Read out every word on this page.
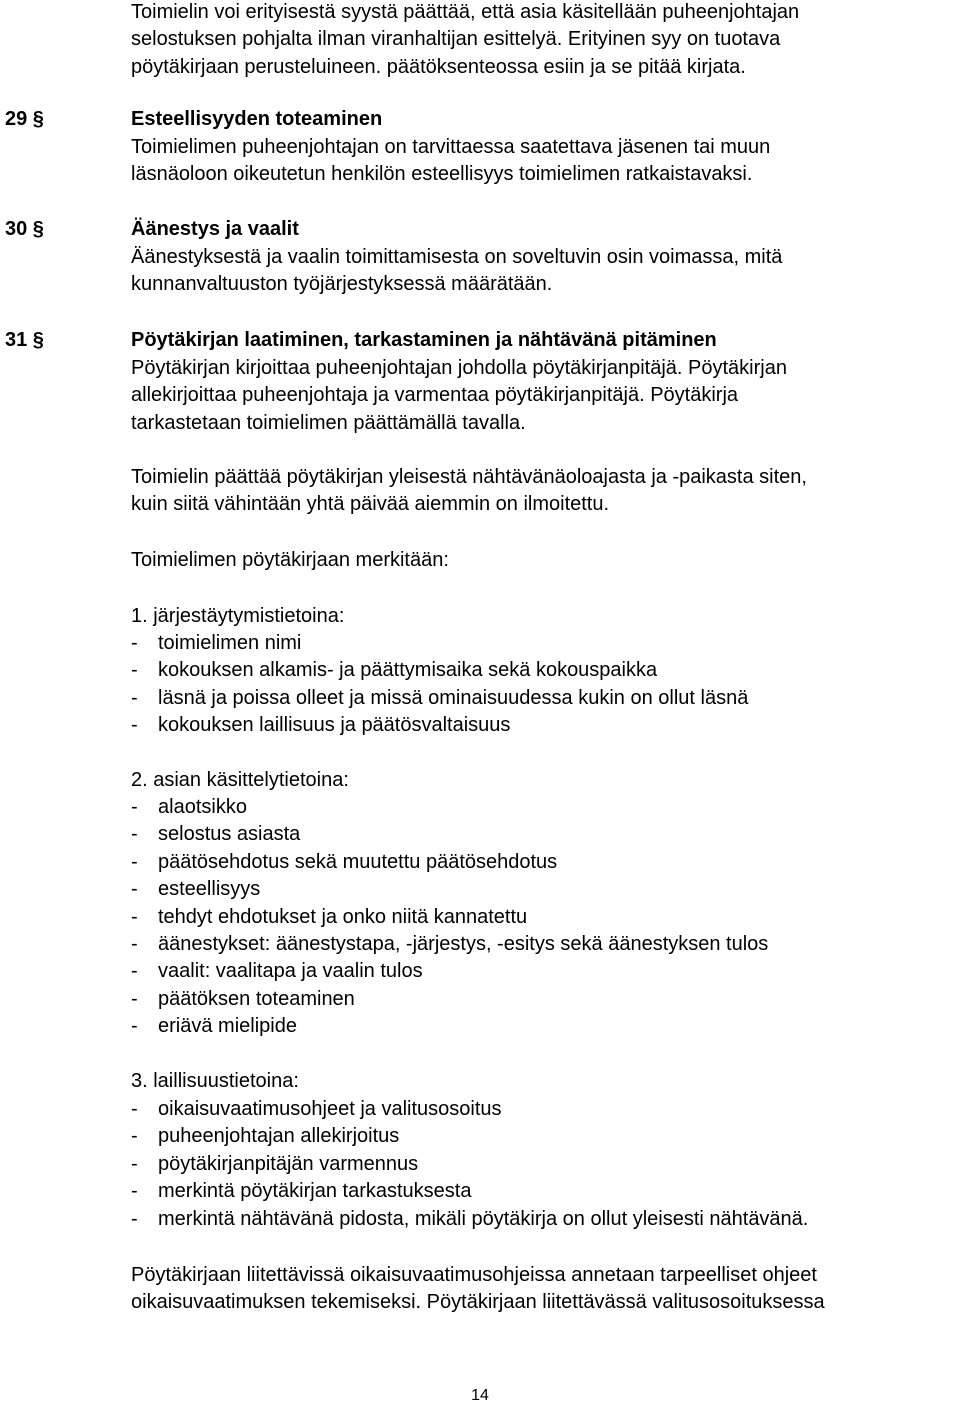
Toimielin voi erityisestä syystä päättää, että asia käsitellään puheenjohtajan
selostuksen pohjalta ilman viranhaltijan esittelyä. Erityinen syy on tuotava
pöytäkirjaan perusteluineen. päätöksenteossa esiin ja se pitää kirjata.
29 §	Esteellisyyden toteaminen
Toimielimen puheenjohtajan on tarvittaessa saatettava jäsenen tai muun
läsnäoloon oikeutetun henkilön esteellisyys toimielimen ratkaistavaksi.
30 §	Äänestys ja vaalit
Äänestyksestä ja vaalin toimittamisesta on soveltuvin osin voimassa, mitä
kunnanvaltuuston työjärjestyksessä määrätään.
31 §	Pöytäkirjan laatiminen, tarkastaminen ja nähtävänä pitäminen
Pöytäkirjan kirjoittaa puheenjohtajan johdolla pöytäkirjanpitäjä. Pöytäkirjan
allekirjoittaa puheenjohtaja ja varmentaa pöytäkirjanpitäjä. Pöytäkirja
tarkastetaan toimielimen päättämällä tavalla.
Toimielin päättää pöytäkirjan yleisestä nähtävänäoloajasta ja -paikasta siten,
kuin siitä vähintään yhtä päivää aiemmin on ilmoitettu.
Toimielimen pöytäkirjaan merkitään:
1. järjestäytymistietoina:
- toimielimen nimi
- kokouksen alkamis- ja päättymisaika sekä kokouspaikka
- läsnä ja poissa olleet ja missä ominaisuudessa kukin on ollut läsnä
- kokouksen laillisuus ja päätösvaltaisuus
2. asian käsittelytietoina:
- alaotsikko
- selostus asiasta
- päätösehdotus sekä muutettu päätösehdotus
- esteellisyys
- tehdyt ehdotukset ja onko niitä kannatettu
- äänestykset: äänestystapa, -järjestys, -esitys sekä äänestyksen tulos
- vaalit: vaalitapa ja vaalin tulos
- päätöksen toteaminen
- eriävä mielipide
3. laillisuustietoina:
- oikaisuvaatimusohjeet ja valitusosoitus
- puheenjohtajan allekirjoitus
- pöytäkirjanpitäjän varmennus
- merkintä pöytäkirjan tarkastuksesta
- merkintä nähtävänä pidosta, mikäli pöytäkirja on ollut yleisesti nähtävänä.
Pöytäkirjaan liitettävissä oikaisuvaatimusohjeissa annetaan tarpeelliset ohjeet
oikaisuvaatimuksen tekemiseksi. Pöytäkirjaan liitettävässä valitusosoituksessa
14
